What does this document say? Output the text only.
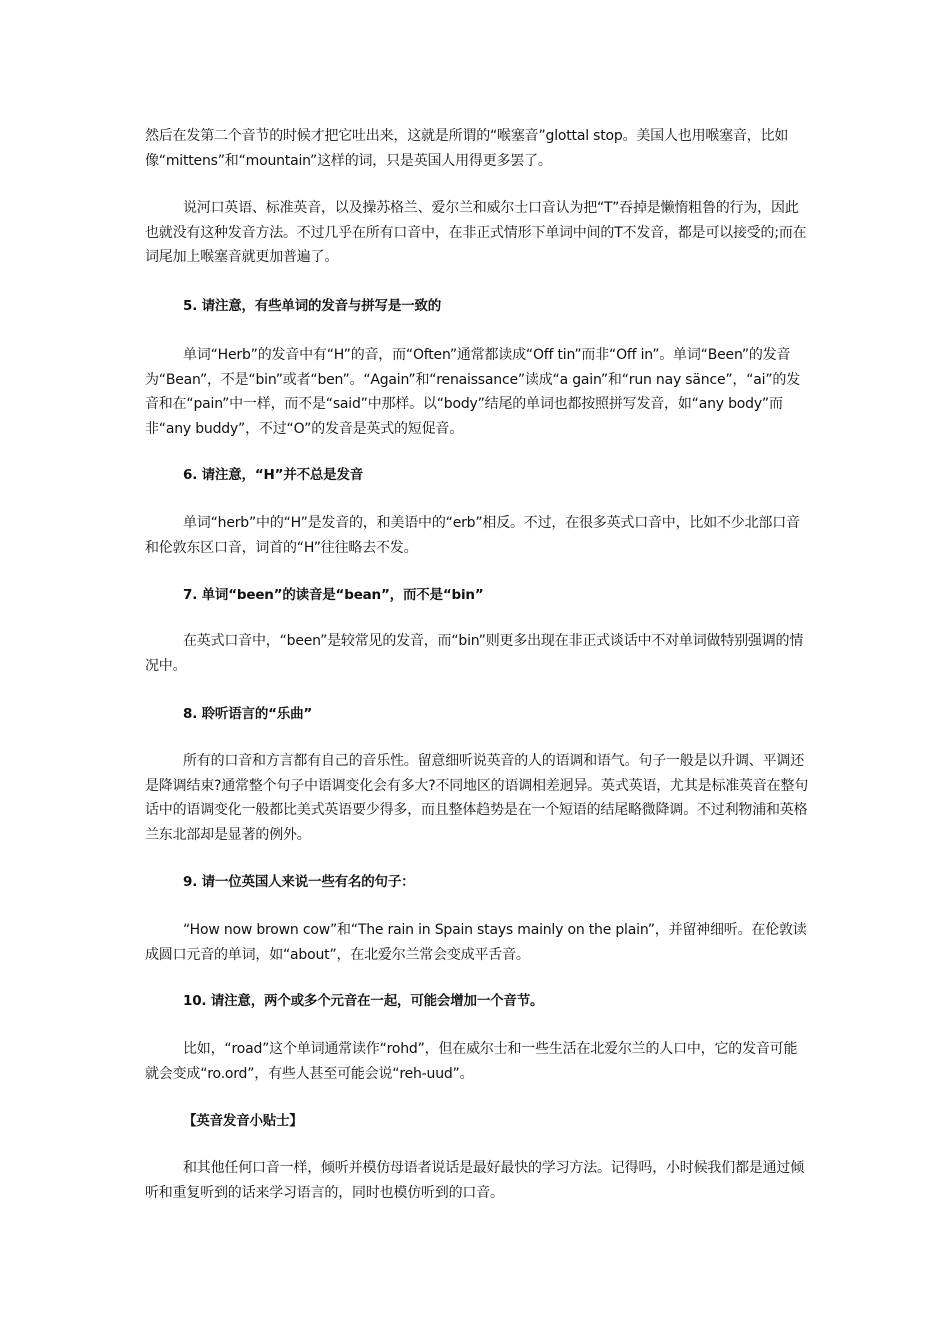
然后在发第二个音节的时候才把它吐出来，这就是所谓的“喉塞音”glottal stop。美国人也用喉塞音，比如像“mittens”和“mountain”这样的词，只是英国人用得更多罢了。

说河口英语、标准英音，以及操苏格兰、爱尔兰和威尔士口音认为把“T”吞掉是懒惰粗鲁的行为，因此也就没有这种发音方法。不过几乎在所有口音中，在非正式情形下单词中间的T不发音，都是可以接受的;而在词尾加上喉塞音就更加普遍了。

5. 请注意，有些单词的发音与拼写是一致的

单词“Herb”的发音中有“H”的音，而“Often”通常都读成“Off tin”而非“Off in”。单词“Been”的发音为“Bean”，不是“bin”或者“ben”。“Again”和“renaissance”读成“a gain”和“run nay sänce”，“ai”的发音和在“pain”中一样，而不是“said”中那样。以“body”结尾的单词也都按照拼写发音，如“any body”而非“any buddy”，不过“O”的发音是英式的短促音。

6. 请注意，“H”并不总是发音

单词“herb”中的“H”是发音的，和美语中的“erb”相反。不过，在很多英式口音中，比如不少北部口音和伦敦东区口音，词首的“H”往往略去不发。

7. 单词“been”的读音是“bean”，而不是“bin”

在英式口音中，“been”是较常见的发音，而“bin”则更多出现在非正式谈话中不对单词做特别强调的情况中。

8. 聆听语言的“乐曲”

所有的口音和方言都有自己的音乐性。留意细听说英音的人的语调和语气。句子一般是以升调、平调还是降调结束?通常整个句子中语调变化会有多大?不同地区的语调相差迥异。英式英语，尤其是标准英音在整句话中的语调变化一般都比美式英语要少得多，而且整体趋势是在一个短语的结尾略微降调。不过利物浦和英格兰东北部却是显著的例外。

9. 请一位英国人来说一些有名的句子：

“How now brown cow”和“The rain in Spain stays mainly on the plain”，并留神细听。在伦敦读成圆口元音的单词，如“about”，在北爱尔兰常会变成平舌音。

10. 请注意，两个或多个元音在一起，可能会增加一个音节。

比如，“road”这个单词通常读作“rohd”，但在威尔士和一些生活在北爱尔兰的人口中，它的发音可能就会变成“ro.ord”，有些人甚至可能会说“reh-uud”。

【英音发音小贴士】

和其他任何口音一样，倾听并模仿母语者说话是最好最快的学习方法。记得吗，小时候我们都是通过倾听和重复听到的话来学习语言的，同时也模仿听到的口音。
